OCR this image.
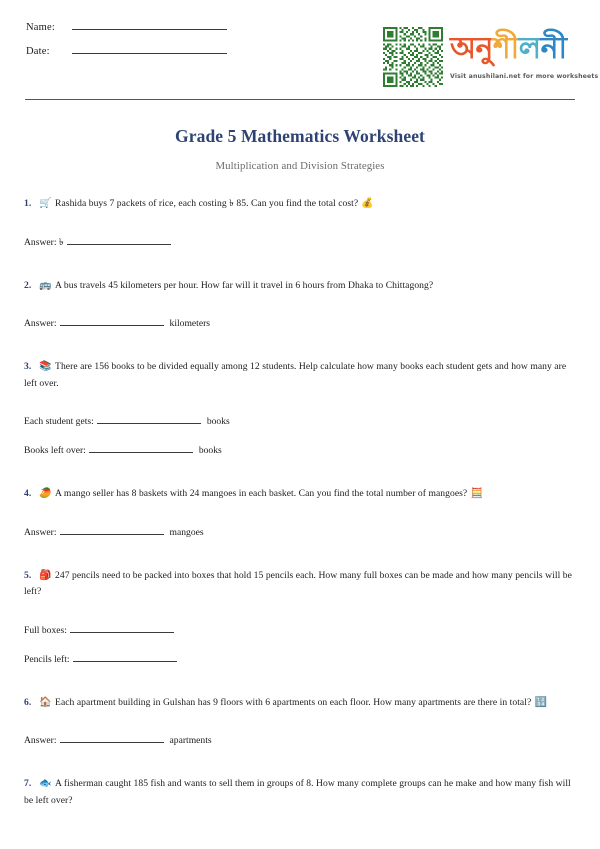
Name:
Date:	অনশলন
Visit anushilani.net for more worksheets
Grade 5 Mathematics Worksheet

Multiplication and Division Strategies

1. 🛒 Rashida buys 7 packets of rice, each costing ৳ 85. Can you find the total cost? 💰
Answer: ৳
2. 🚌 A bus travels 45 kilometers per hour. How far will it travel in 6 hours from Dhaka to Chittagong?
Answer:	kilometers
3. 📚 There are 156 books to be divided equally among 12 students. Help calculate how many books each student gets and how many are left over.
Each student gets:	books
Books left over:	books
4. 🥭 A mango seller has 8 baskets with 24 mangoes in each basket. Can you find the total number of mangoes? 🧮
Answer:	mangoes
5. 🎒 247 pencils need to be packed into boxes that hold 15 pencils each. How many full boxes can be made and how many pencils will be left?
Full boxes:
Pencils left:
6. 🏠 Each apartment building in Gulshan has 9 floors with 6 apartments on each floor. How many apartments are there in total? 🔢
Answer:	apartments
7. 🐟 A fisherman caught 185 fish and wants to sell them in groups of 8. How many complete groups can he make and how many fish will be left over?
